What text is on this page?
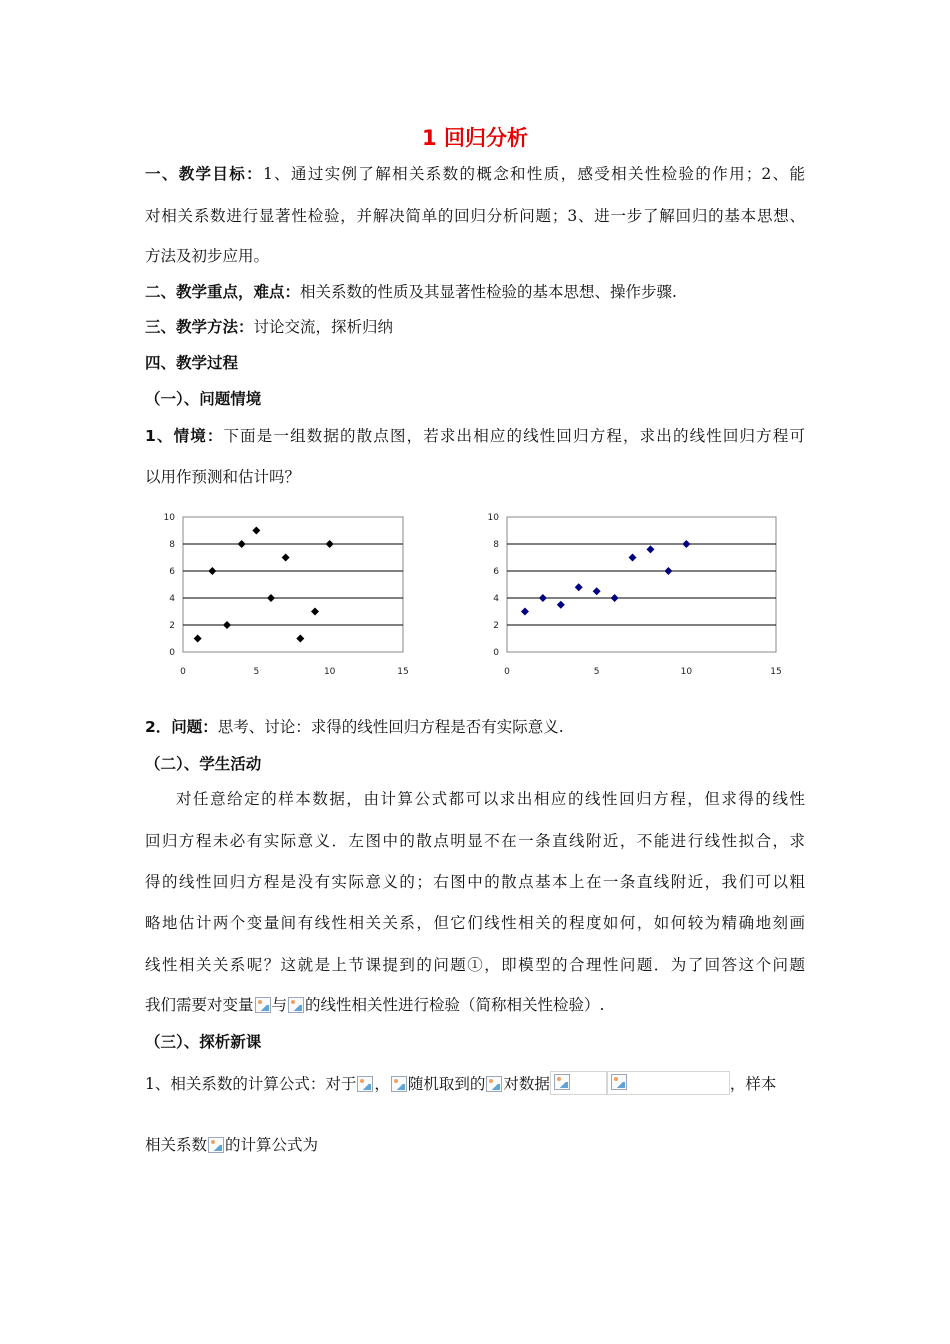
1 回归分析
一、教学目标：1、通过实例了解相关系数的概念和性质，感受相关性检验的作用；2、能
对相关系数进行显著性检验，并解决简单的回归分析问题；3、进一步了解回归的基本思想、
方法及初步应用。
二、教学重点，难点：相关系数的性质及其显著性检验的基本思想、操作步骤.
三、教学方法：讨论交流，探析归纳
四、教学过程
（一）、问题情境
1、情境：下面是一组数据的散点图，若求出相应的线性回归方程，求出的线性回归方程可
以用作预测和估计吗？
0
2
4
6
8
10
0	5	10	15
0
2
4
6
8
10
0	5	10	15
2．问题：思考、讨论：求得的线性回归方程是否有实际意义.
（二）、学生活动
对任意给定的样本数据，由计算公式都可以求出相应的线性回归方程，但求得的线性
回归方程未必有实际意义．左图中的散点明显不在一条直线附近，不能进行线性拟合，求
得的线性回归方程是没有实际意义的；右图中的散点基本上在一条直线附近，我们可以粗
略地估计两个变量间有线性相关关系，但它们线性相关的程度如何，如何较为精确地刻画
线性相关关系呢？这就是上节课提到的问题①，即模型的合理性问题．为了回答这个问题
我们需要对变量 与 的线性相关性进行检验（简称相关性检验）.
（三）、探析新课
1、相关系数的计算公式：对于 ， 随机取到的 对数据	，样本
相关系数 的计算公式为
